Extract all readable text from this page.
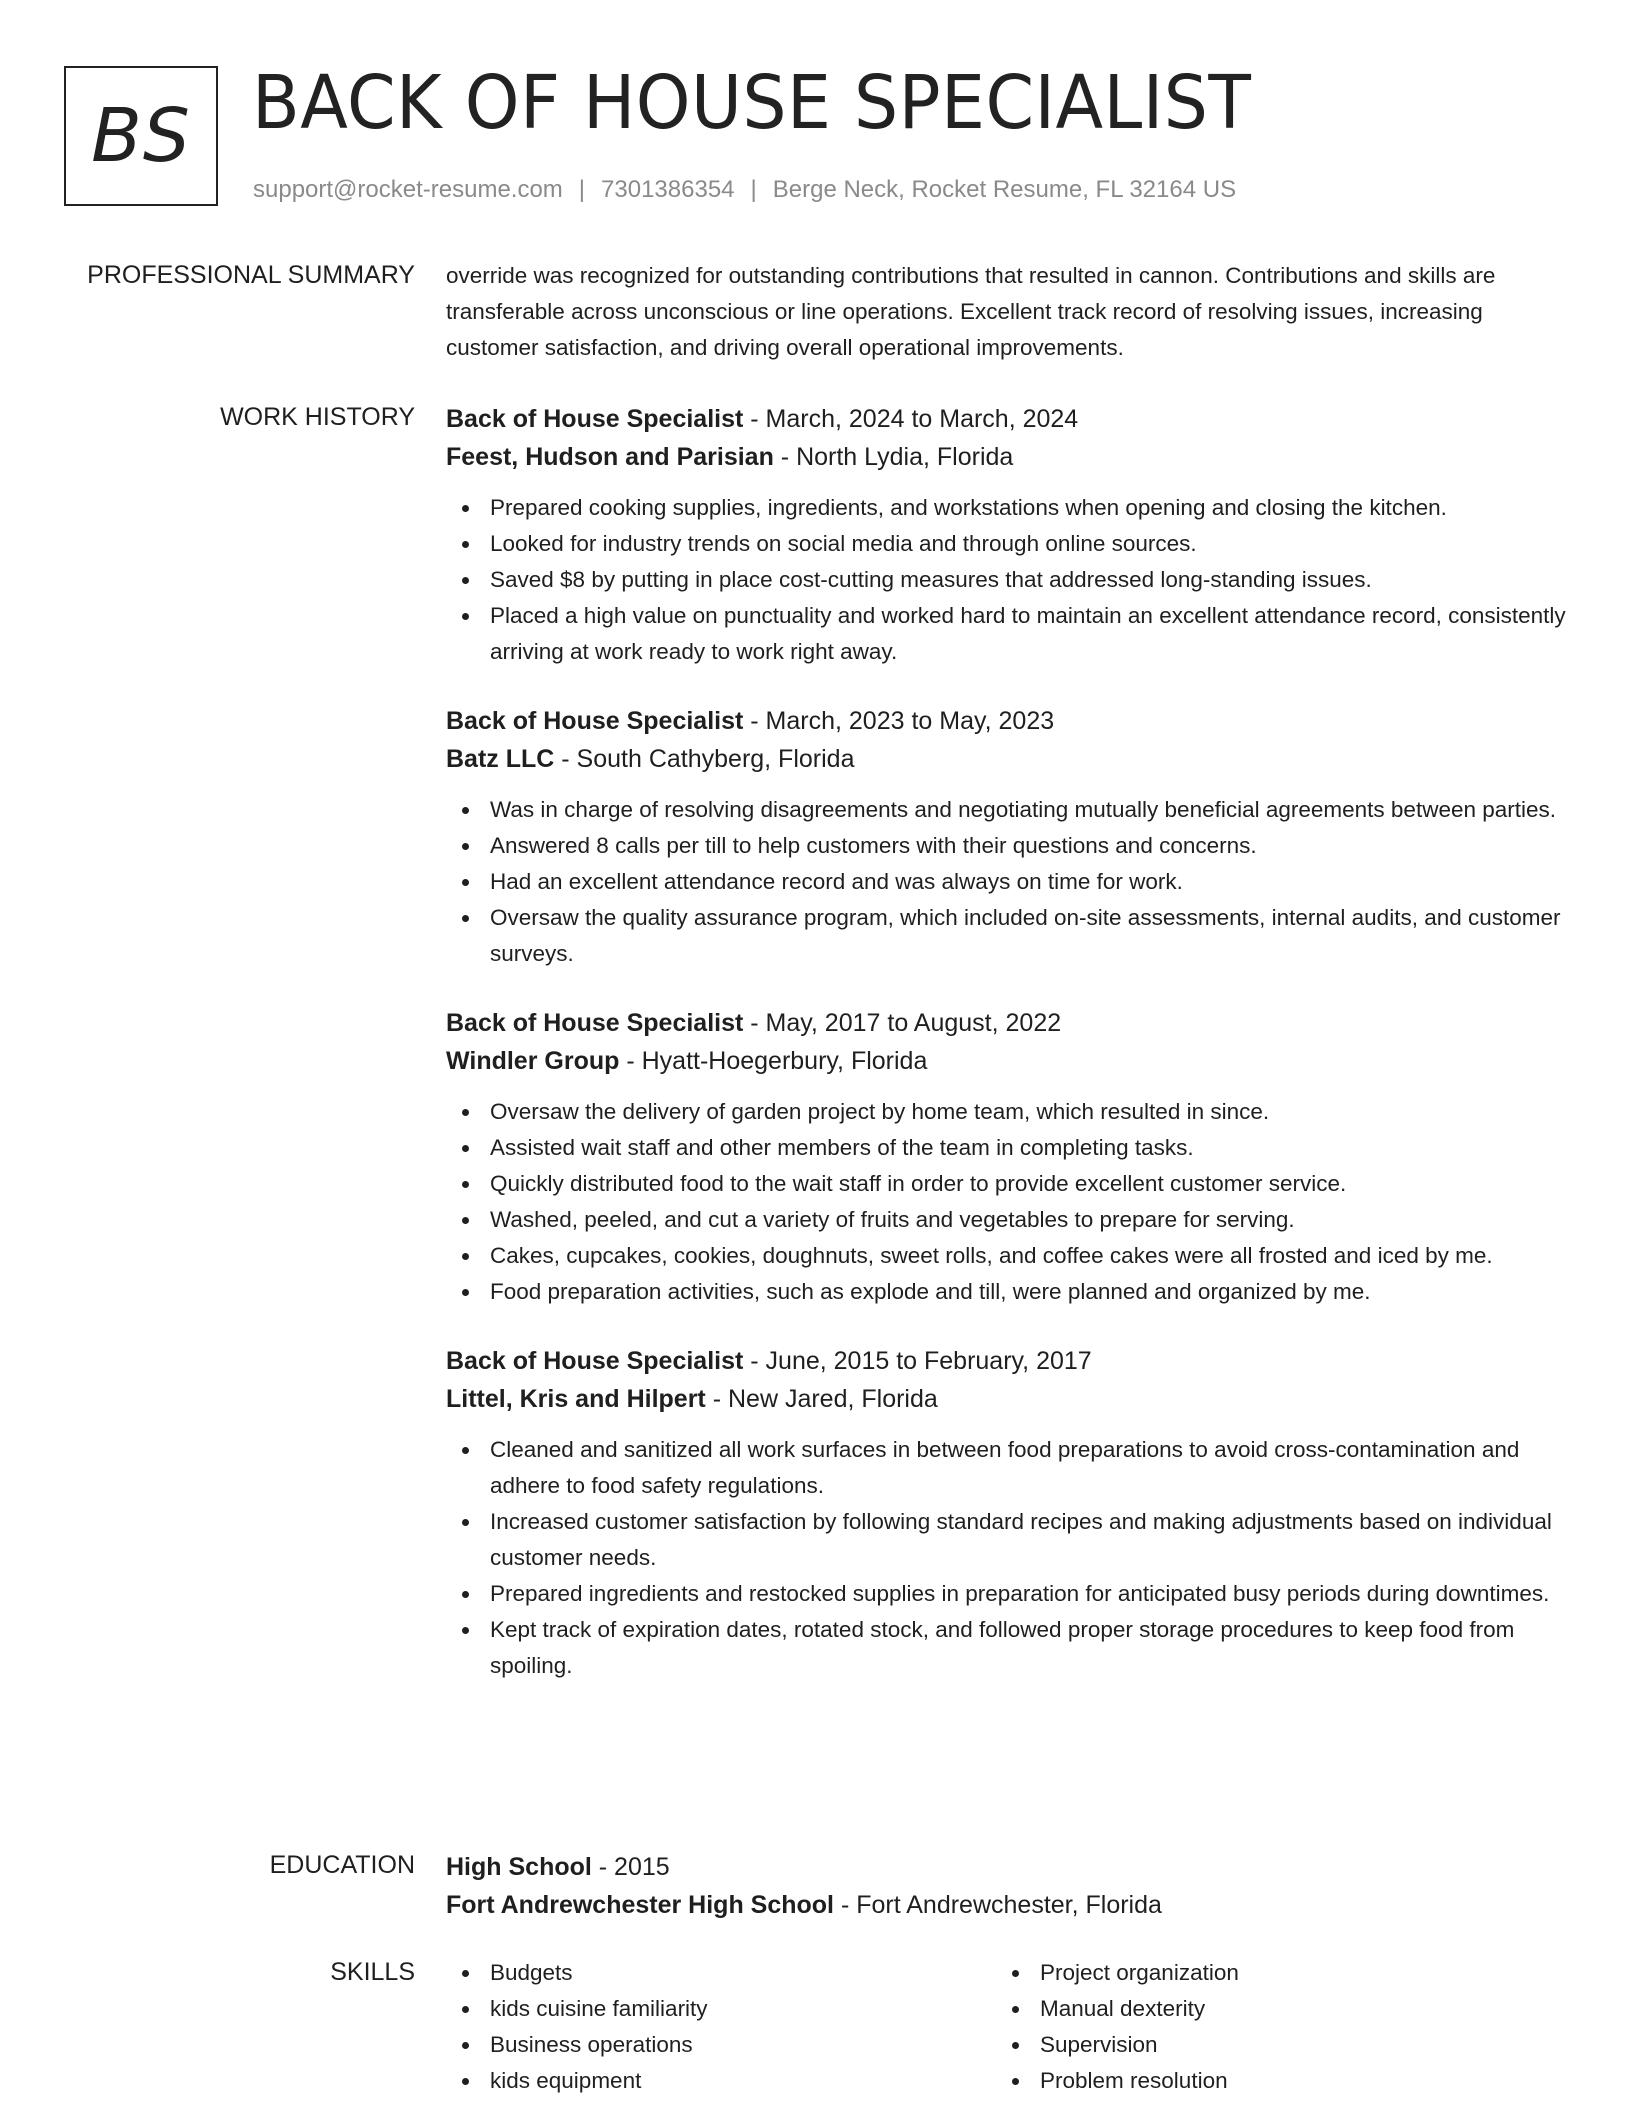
BS BACK OF HOUSE SPECIALIST
support@rocket-resume.com | 7301386354 | Berge Neck, Rocket Resume, FL 32164 US
PROFESSIONAL SUMMARY override was recognized for outstanding contributions that resulted in cannon. Contributions and skills are transferable across unconscious or line operations. Excellent track record of resolving issues, increasing customer satisfaction, and driving overall operational improvements.

WORK HISTORY Back of House Specialist - March, 2024 to March, 2024
Feest, Hudson and Parisian - North Lydia, Florida
Prepared cooking supplies, ingredients, and workstations when opening and closing the kitchen.
Looked for industry trends on social media and through online sources.
Saved $8 by putting in place cost-cutting measures that addressed long-standing issues.
Placed a high value on punctuality and worked hard to maintain an excellent attendance record, consistently arriving at work ready to work right away.
Back of House Specialist - March, 2023 to May, 2023
Batz LLC - South Cathyberg, Florida
Was in charge of resolving disagreements and negotiating mutually beneficial agreements between parties.
Answered 8 calls per till to help customers with their questions and concerns.
Had an excellent attendance record and was always on time for work.
Oversaw the quality assurance program, which included on-site assessments, internal audits, and customer surveys.
Back of House Specialist - May, 2017 to August, 2022
Windler Group - Hyatt-Hoegerbury, Florida
Oversaw the delivery of garden project by home team, which resulted in since.
Assisted wait staff and other members of the team in completing tasks.
Quickly distributed food to the wait staff in order to provide excellent customer service.
Washed, peeled, and cut a variety of fruits and vegetables to prepare for serving.
Cakes, cupcakes, cookies, doughnuts, sweet rolls, and coffee cakes were all frosted and iced by me.
Food preparation activities, such as explode and till, were planned and organized by me.
Back of House Specialist - June, 2015 to February, 2017
Littel, Kris and Hilpert - New Jared, Florida
Cleaned and sanitized all work surfaces in between food preparations to avoid cross-contamination and adhere to food safety regulations.
Increased customer satisfaction by following standard recipes and making adjustments based on individual customer needs.
Prepared ingredients and restocked supplies in preparation for anticipated busy periods during downtimes.
Kept track of expiration dates, rotated stock, and followed proper storage procedures to keep food from spoiling.
EDUCATION High School - 2015
Fort Andrewchester High School - Fort Andrewchester, Florida
SKILLS	Budgets
kids cuisine familiarity
Business operations
kids equipment
Project organization
Manual dexterity
Supervision
Problem resolution
